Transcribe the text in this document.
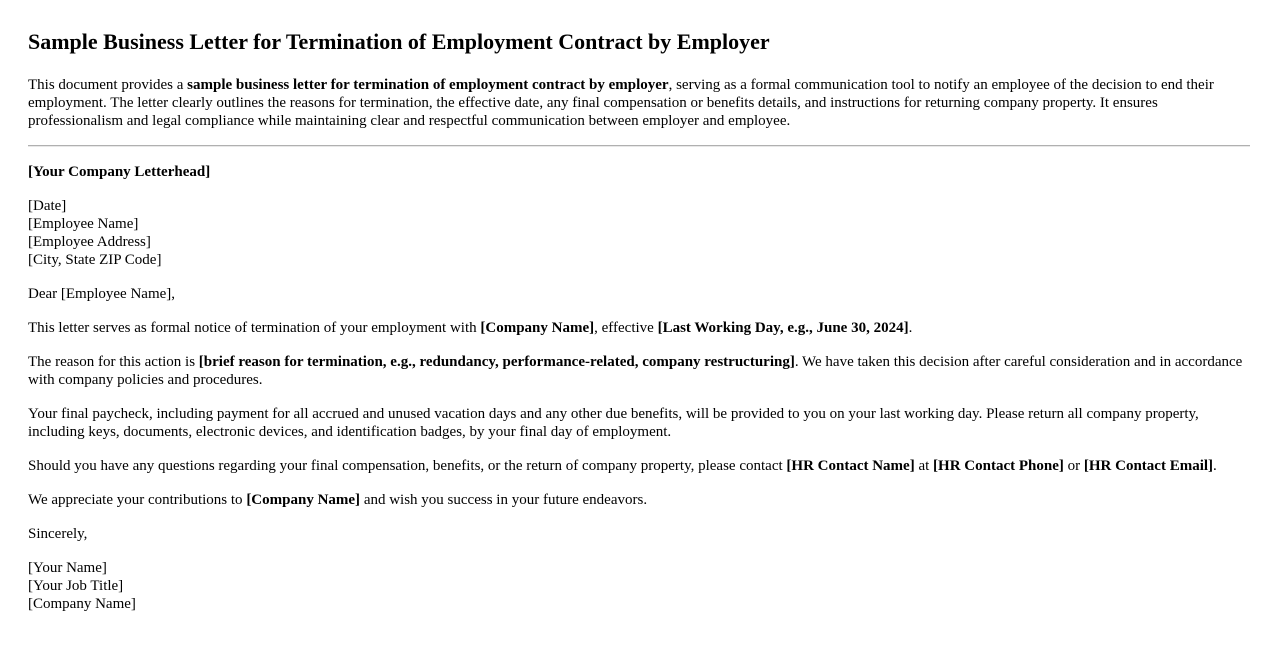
Sample Business Letter for Termination of Employment Contract by Employer

This document provides a sample business letter for termination of employment contract by employer, serving as a formal communication tool to notify an employee of the decision to end their employment. The letter clearly outlines the reasons for termination, the effective date, any final compensation or benefits details, and instructions for returning company property. It ensures professionalism and legal compliance while maintaining clear and respectful communication between employer and employee.

[Your Company Letterhead]

[Date]
[Employee Name]
[Employee Address]
[City, State ZIP Code]

Dear [Employee Name],

This letter serves as formal notice of termination of your employment with [Company Name], effective [Last Working Day, e.g., June 30, 2024].

The reason for this action is [brief reason for termination, e.g., redundancy, performance-related, company restructuring]. We have taken this decision after careful consideration and in accordance with company policies and procedures.

Your final paycheck, including payment for all accrued and unused vacation days and any other due benefits, will be provided to you on your last working day. Please return all company property, including keys, documents, electronic devices, and identification badges, by your final day of employment.

Should you have any questions regarding your final compensation, benefits, or the return of company property, please contact [HR Contact Name] at [HR Contact Phone] or [HR Contact Email].

We appreciate your contributions to [Company Name] and wish you success in your future endeavors.

Sincerely,

[Your Name]
[Your Job Title]
[Company Name]
